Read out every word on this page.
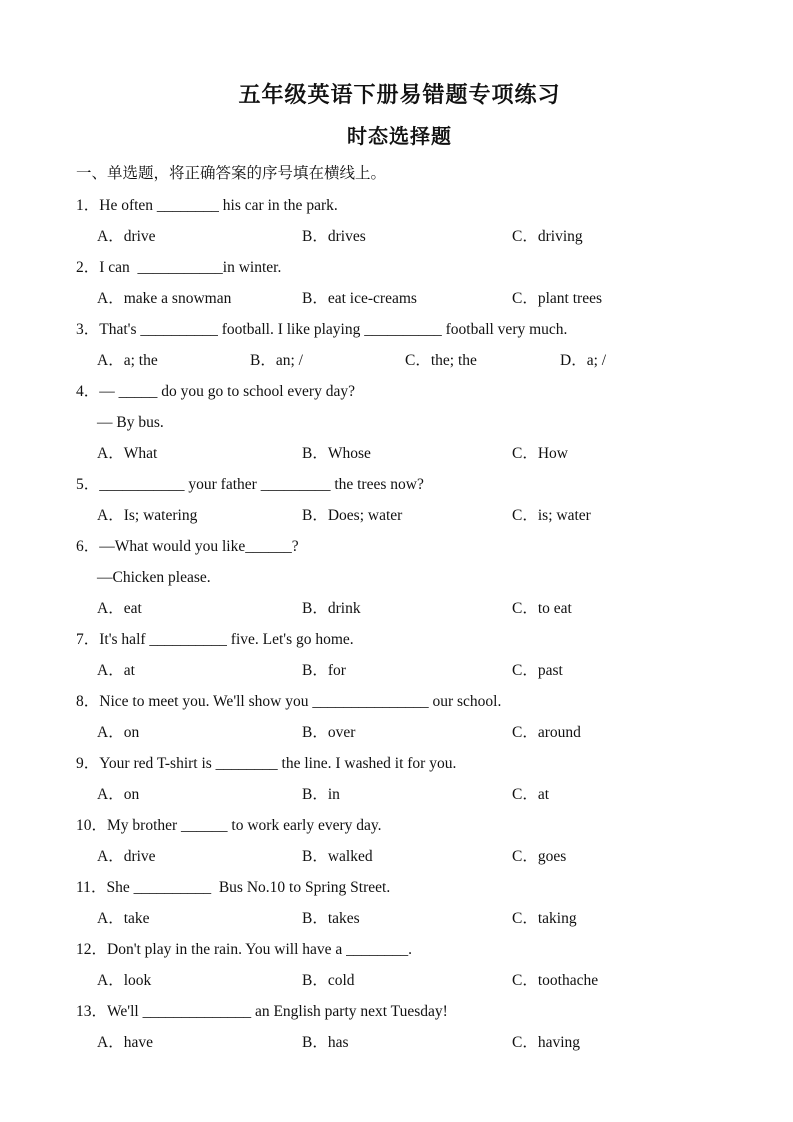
五年级英语下册易错题专项练习
时态选择题
一、单选题，将正确答案的序号填在横线上。
1．He often ________ his car in the park.
A．drive	B．drives	C．driving
2．I can  ___________in winter.
A．make a snowman	B．eat ice-creams	C．plant trees
3．That's __________ football. I like playing __________ football very much.
A．a; the	B．an; /	C．the; the	D．a; /
4．— _____ do you go to school every day?
— By bus.
A．What	B．Whose	C．How
5．___________ your father _________ the trees now?
A．Is; watering	B．Does; water	C．is; water
6．—What would you like______?
—Chicken please.
A．eat	B．drink	C．to eat
7．It's half __________ five. Let's go home.
A．at	B．for	C．past
8．Nice to meet you. We'll show you _______________ our school.
A．on	B．over	C．around
9．Your red T-shirt is ________ the line. I washed it for you.
A．on	B．in	C．at
10．My brother ______ to work early every day.
A．drive	B．walked	C．goes
11．She __________  Bus No.10 to Spring Street.
A．take	B．takes	C．taking
12．Don't play in the rain. You will have a ________.
A．look	B．cold	C．toothache
13．We'll ______________ an English party next Tuesday!
A．have	B．has	C．having
